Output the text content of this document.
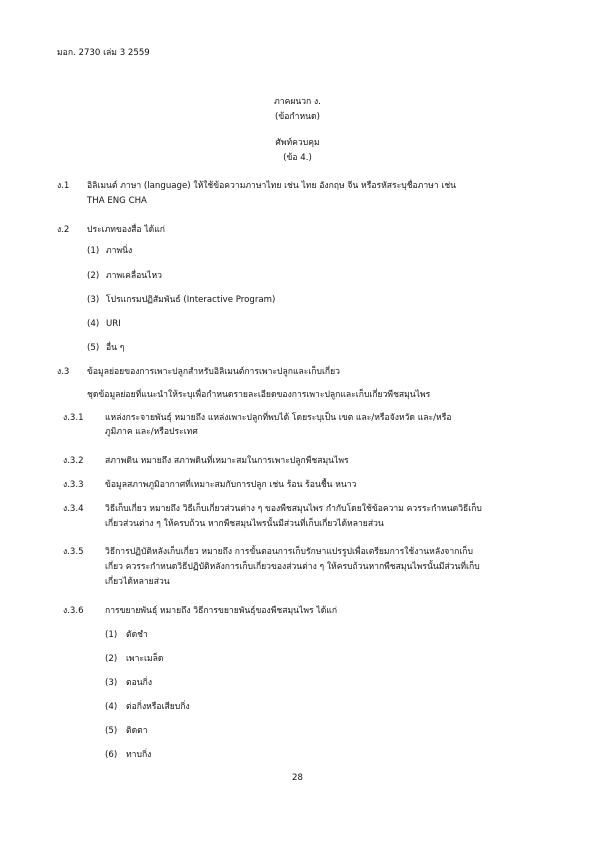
มอก. 2730 เล่ม 3 2559
ภาคผนวก ง.
(ข้อกำหนด)
ศัพท์ควบคุม
(ข้อ 4.)
ง.1 อิลิเมนต์ ภาษา (language) ให้ใช้ข้อความภาษาไทย เช่น ไทย อังกฤษ จีน หรือรหัสระบุชื่อภาษา เช่น
THA ENG CHA
ง.2 ประเภทของสื่อ ได้แก่
(1) ภาพนิ่ง
(2) ภาพเคลื่อนไหว
(3) โปรแกรมปฏิสัมพันธ์ (Interactive Program)
(4) URI
(5) อื่น ๆ
ง.3 ข้อมูลย่อยของการเพาะปลูกสำหรับอิลิเมนต์การเพาะปลูกและเก็บเกี่ยว
ชุดข้อมูลย่อยที่แนะนำให้ระบุเพื่อกำหนดรายละเอียดของการเพาะปลูกและเก็บเกี่ยวพืชสมุนไพร
ง.3.1 แหล่งกระจายพันธุ์ หมายถึง แหล่งเพาะปลูกที่พบได้ โดยระบุเป็น เขต และ/หรือจังหวัด และ/หรือ
ภูมิภาค และ/หรือประเทศ
ง.3.2 สภาพดิน หมายถึง สภาพดินที่เหมาะสมในการเพาะปลูกพืชสมุนไพร
ง.3.3 ข้อมูลสภาพภูมิอากาศที่เหมาะสมกับการปลูก เช่น ร้อน ร้อนชื้น หนาว
ง.3.4 วิธีเก็บเกี่ยว หมายถึง วิธีเก็บเกี่ยวส่วนต่าง ๆ ของพืชสมุนไพร กำกับโดยใช้ข้อความ ควรระกำหนดวิธีเก็บ
เกี่ยวส่วนต่าง ๆ ให้ครบถ้วน หากพืชสมุนไพรนั้นมีส่วนที่เก็บเกี่ยวได้หลายส่วน
ง.3.5 วิธีการปฏิบัติหลังเก็บเกี่ยว หมายถึง การขั้นตอนการเก็บรักษาแปรรูปเพื่อเตรียมการใช้งานหลังจากเก็บ
เกี่ยว ควรระกำหนดวิธีปฏิบัติหลังการเก็บเกี่ยวของส่วนต่าง ๆ ให้ครบถ้วนหากพืชสมุนไพรนั้นมีส่วนที่เก็บ
เกี่ยวได้หลายส่วน
ง.3.6 การขยายพันธุ์ หมายถึง วิธีการขยายพันธุ์ของพืชสมุนไพร ได้แก่
(1) ตัดชำ
(2) เพาะเมล็ด
(3) ตอนกิ่ง
(4) ต่อกิ่งหรือเสียบกิ่ง
(5) ติดตา
(6) ทาบกิ่ง
28
